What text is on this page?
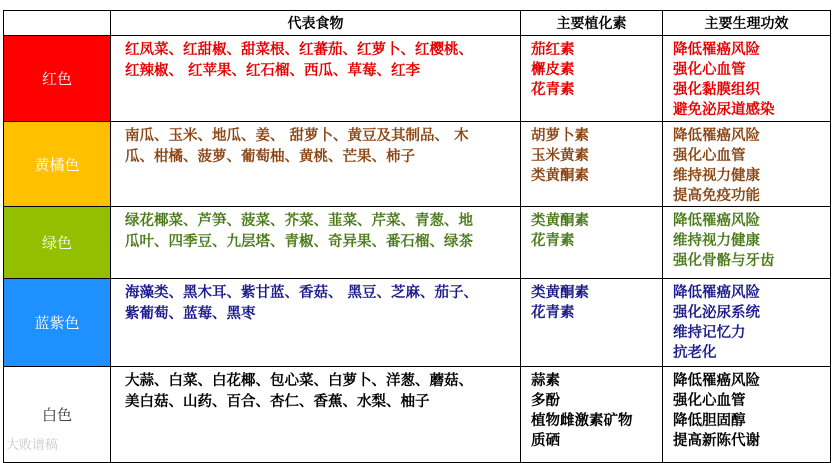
	代表食物	主要植化素	主要生理功效
红色	红凤菜、红甜椒、甜菜根、红蕃茄、红萝卜、红樱桃、
红辣椒、 红苹果、红石榴、西瓜、草莓、红李	茄红素
檞皮素
花青素	降低罹癌风险
强化心血管
强化黏膜组织
避免泌尿道感染

黄橘色	南瓜、玉米、地瓜、姜、 甜萝卜、黄豆及其制品、 木
瓜、柑橘、菠萝、葡萄柚、黄桃、芒果、柿子	胡萝卜素
玉米黄素
类黄酮素	降低罹癌风险
强化心血管
维持视力健康
提高免疫功能

绿色	绿花椰菜、芦笋、菠菜、芥菜、韮菜、芹菜、青葱、地
瓜叶、四季豆、九层塔、青椒、奇异果、番石榴、绿茶	类黄酮素
花青素	降低罹癌风险
维持视力健康
强化骨骼与牙齿

蓝紫色	海藻类、黑木耳、紫甘蓝、香菇、 黑豆、芝麻、茄子、
紫葡萄、蓝莓、黑枣	类黄酮素
花青素	降低罹癌风险
强化泌尿系统
维持记忆力
抗老化

白色	大蒜、白菜、白花椰、包心菜、白萝卜、洋葱、蘑菇、
美白菇、山药、百合、杏仁、香蕉、水梨、柚子	蒜素
多酚
植物雌激素矿物
质硒	降低罹癌风险
强化心血管
降低胆固醇
提高新陈代谢
大败谱稿
